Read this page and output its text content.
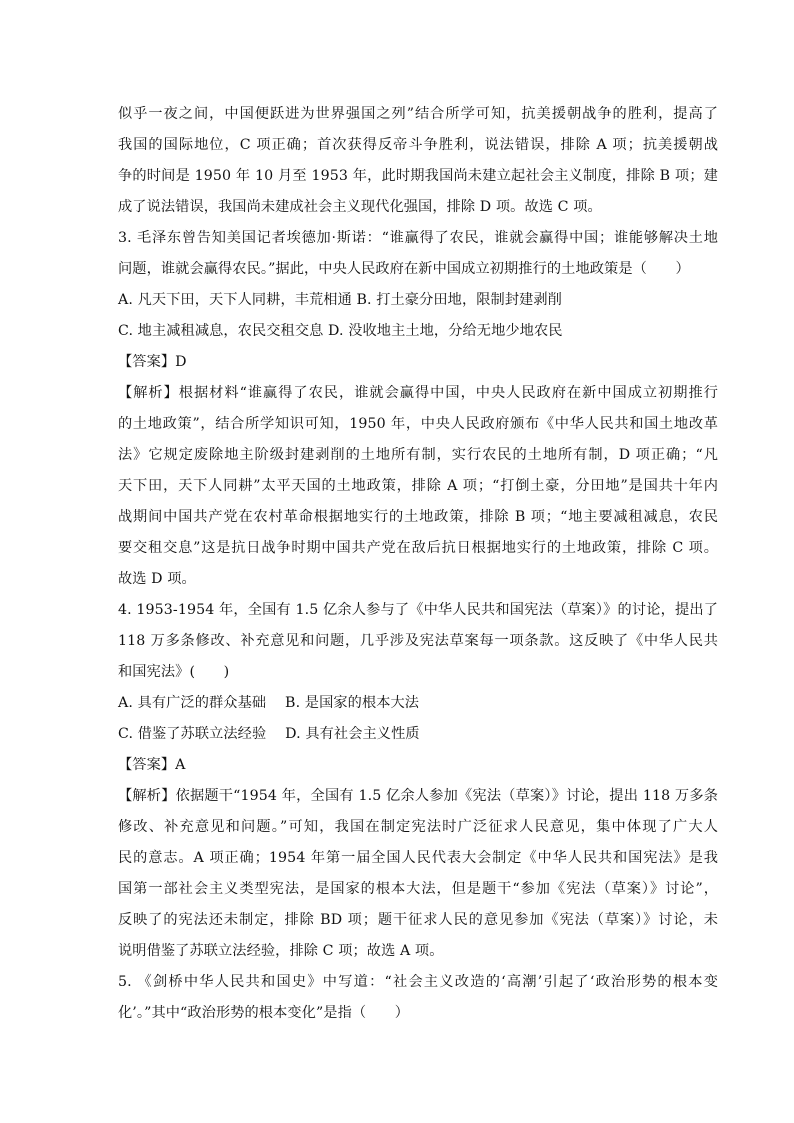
似乎一夜之间，中国便跃进为世界强国之列”结合所学可知，抗美援朝战争的胜利，提高了
我国的国际地位，C 项正确；首次获得反帝斗争胜利，说法错误，排除 A 项；抗美援朝战
争的时间是 1950 年 10 月至 1953 年，此时期我国尚未建立起社会主义制度，排除 B 项；建
成了说法错误，我国尚未建成社会主义现代化强国，排除 D 项。故选 C 项。
3. 毛泽东曾告知美国记者埃德加·斯诺：“谁赢得了农民，谁就会赢得中国；谁能够解决土地
问题，谁就会赢得农民。”据此，中央人民政府在新中国成立初期推行的土地政策是（　　）
A. 凡天下田，天下人同耕，丰荒相通 B. 打土豪分田地，限制封建剥削
C. 地主减租减息，农民交租交息 D. 没收地主土地，分给无地少地农民
【答案】D
【解析】根据材料“谁赢得了农民，谁就会赢得中国，中央人民政府在新中国成立初期推行
的土地政策”，结合所学知识可知，1950 年，中央人民政府颁布《中华人民共和国土地改革
法》它规定废除地主阶级封建剥削的土地所有制，实行农民的土地所有制，D 项正确；“凡
天下田，天下人同耕”太平天国的土地政策，排除 A 项；“打倒土豪，分田地”是国共十年内
战期间中国共产党在农村革命根据地实行的土地政策，排除 B 项；“地主要减租减息，农民
要交租交息”这是抗日战争时期中国共产党在敌后抗日根据地实行的土地政策，排除 C 项。
故选 D 项。
4. 1953-1954 年，全国有 1.5 亿余人参与了《中华人民共和国宪法（草案）》的讨论，提出了
118 万多条修改、补充意见和问题，几乎涉及宪法草案每一项条款。这反映了《中华人民共
和国宪法》(　　)
A. 具有广泛的群众基础　 B. 是国家的根本大法
C. 借鉴了苏联立法经验　 D. 具有社会主义性质
【答案】A
【解析】依据题干“1954 年，全国有 1.5 亿余人参加《宪法（草案）》讨论，提出 118 万多条
修改、补充意见和问题。”可知，我国在制定宪法时广泛征求人民意见，集中体现了广大人
民的意志。A 项正确；1954 年第一届全国人民代表大会制定《中华人民共和国宪法》是我
国第一部社会主义类型宪法，是国家的根本大法，但是题干“参加《宪法（草案）》讨论”，
反映了的宪法还未制定，排除 BD 项；题干征求人民的意见参加《宪法（草案）》讨论，未
说明借鉴了苏联立法经验，排除 C 项；故选 A 项。
5. 《剑桥中华人民共和国史》中写道：“社会主义改造的‘高潮’引起了‘政治形势的根本变
化’。”其中“政治形势的根本变化”是指（　　）
